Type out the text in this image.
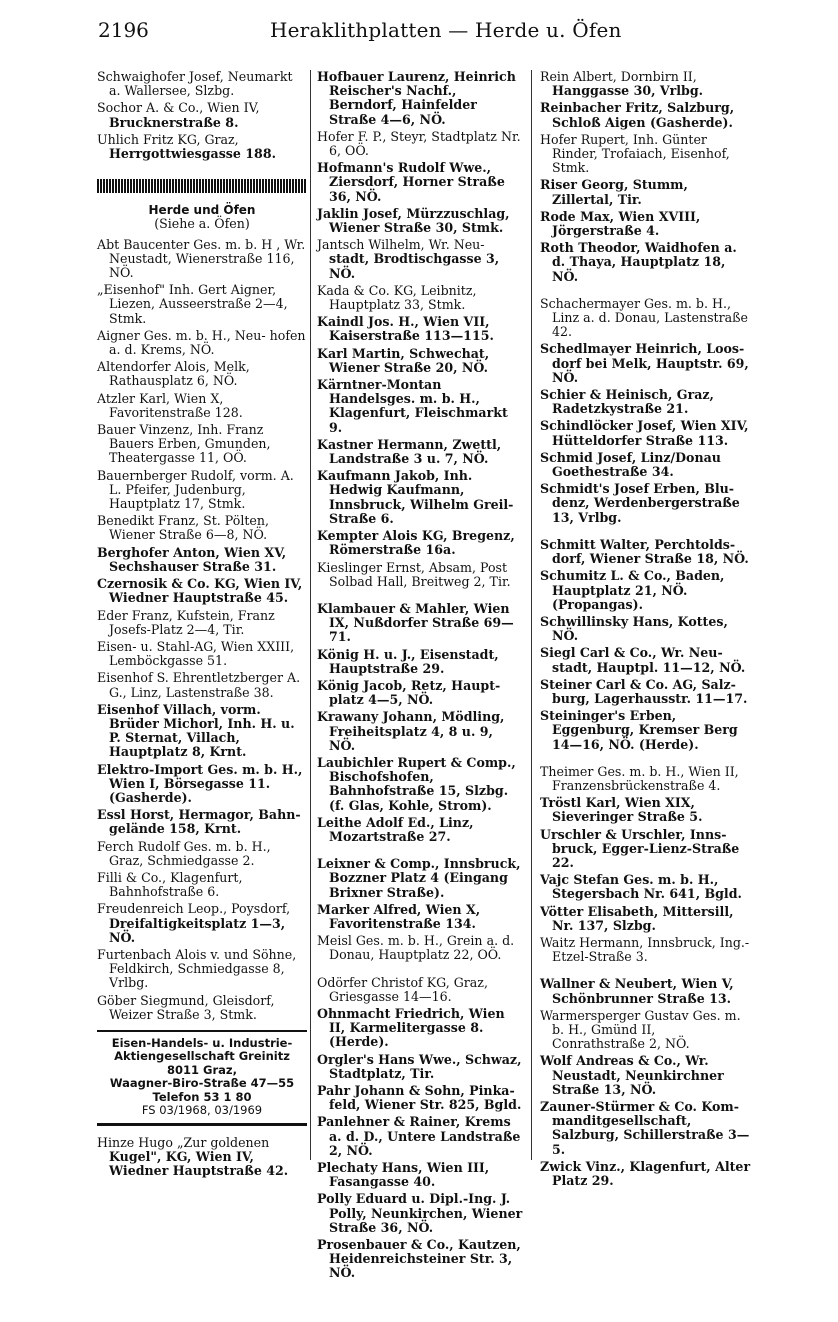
2196	Heraklithplatten — Herde u. Öfen
Schwaighofer Josef, Neumarkt a. Wallersee, Slzbg.
Sochor A. & Co., Wien IV, Brucknerstraße 8.
Uhlich Fritz KG, Graz, Herrgottwiesgasse 188.
Herde und Öfen
(Siehe a. Öfen)
Abt Baucenter Ges. m. b. H , Wr. Neustadt, Wienerstraße 116, NÖ.
„Eisenhof" Inh. Gert Aigner, Liezen, Ausseerstraße 2—4, Stmk.
Aigner Ges. m. b. H., Neu- hofen a. d. Krems, NÖ.
Altendorfer Alois, Melk, Rathausplatz 6, NÖ.
Atzler Karl, Wien X, Favoritenstraße 128.
Bauer Vinzenz, Inh. Franz Bauers Erben, Gmunden, Theatergasse 11, OÖ.
Bauernberger Rudolf, vorm. A. L. Pfeifer, Judenburg, Hauptplatz 17, Stmk.
Benedikt Franz, St. Pölten, Wiener Straße 6—8, NÖ.
Berghofer Anton, Wien XV, Sechshauser Straße 31.
Czernosik & Co. KG, Wien IV, Wiedner Hauptstraße 45.
Eder Franz, Kufstein, Franz Josefs-Platz 2—4, Tir.
Eisen- u. Stahl-AG, Wien XXIII, Lemböckgasse 51.
Eisenhof S. Ehrentletzberger A. G., Linz, Lastenstraße 38.
Eisenhof Villach, vorm. Brüder Michorl, Inh. H. u. P. Sternat, Villach, Hauptplatz 8, Krnt.
Elektro-Import Ges. m. b. H., Wien I, Börsegasse 11. (Gasherde).
Essl Horst, Hermagor, Bahn- geländе 158, Krnt.
Ferch Rudolf Ges. m. b. H., Graz, Schmiedgasse 2.
Filli & Co., Klagenfurt, Bahnhofstraße 6.
Freudenreich Leop., Poysdorf, Dreifaltigkeitsplatz 1—3, NÖ.
Furtenbach Alois v. und Söhne, Feldkirch, Schmiedgasse 8, Vrlbg.
Göber Siegmund, Gleisdorf, Weizer Straße 3, Stmk.
Eisen-Handels- u. Industrie-
Aktiengesellschaft Greinitz
8011 Graz,
Waagner-Biro-Straße 47—55
Telefon 53 1 80
FS 03/1968, 03/1969
Hinze Hugo „Zur goldenen Kugel", KG, Wien IV, Wiedner Hauptstraße 42.
Hofbauer Laurenz, Heinrich Reischer's Nachf., Berndorf, Hainfelder Straße 4—6, NÖ.
Hofer F. P., Steyr, Stadtplatz Nr. 6, OÖ.
Hofmann's Rudolf Wwe., Ziersdorf, Horner Straße 36, NÖ.
Jaklin Josef, Mürzzuschlag, Wiener Straße 30, Stmk.
Jantsch Wilhelm, Wr. Neu- stadt, Brodtischgasse 3, NÖ.
Kada & Co. KG, Leibnitz, Hauptplatz 33, Stmk.
Kaindl Jos. H., Wien VII, Kaiserstraße 113—115.
Karl Martin, Schwechat, Wiener Straße 20, NÖ.
Kärntner-Montan Handelsges. m. b. H., Klagenfurt, Fleischmarkt 9.
Kastner Hermann, Zwettl, Landstraße 3 u. 7, NÖ.
Kaufmann Jakob, Inh. Hedwig Kaufmann, Innsbruck, Wilhelm Greil-Straße 6.
Kempter Alois KG, Bregenz, Römerstraße 16a.
Kieslinger Ernst, Absam, Post Solbad Hall, Breitweg 2, Tir.
Klambauer & Mahler, Wien IX, Nußdorfer Straße 69—71.
König H. u. J., Eisenstadt, Hauptstraße 29.
König Jacob, Retz, Haupt- platz 4—5, NÖ.
Krawany Johann, Mödling, Freiheitsplatz 4, 8 u. 9, NÖ.
Laubichler Rupert & Comp., Bischofshofen, Bahnhofstraße 15, Slzbg. (f. Glas, Kohle, Strom).
Leithe Adolf Ed., Linz, Mozartstraße 27.
Leixner & Comp., Innsbruck, Bozzner Platz 4 (Eingang Brixner Straße).
Marker Alfred, Wien X, Favoritenstraße 134.
Meisl Ges. m. b. H., Grein a. d. Donau, Hauptplatz 22, OÖ.
Odörfer Christof KG, Graz, Griesgasse 14—16.
Ohnmacht Friedrich, Wien II, Karmelitergasse 8. (Herde).
Orgler's Hans Wwe., Schwaz, Stadtplatz, Tir.
Pahr Johann & Sohn, Pinka- feld, Wiener Str. 825, Bgld.
Panlehner & Rainer, Krems a. d. D., Untere Landstraße 2, NÖ.
Plechaty Hans, Wien III, Fasangasse 40.
Polly Eduard u. Dipl.-Ing. J. Polly, Neunkirchen, Wiener Straße 36, NÖ.
Prosenbauer & Co., Kautzen, Heidenreichsteiner Str. 3, NÖ.
Rein Albert, Dornbirn II, Hanggasse 30, Vrlbg.
Reinbacher Fritz, Salzburg, Schloß Aigen (Gasherde).
Hofer Rupert, Inh. Günter Rinder, Trofaiach, Eisenhof, Stmk.
Riser Georg, Stumm, Zillertal, Tir.
Rode Max, Wien XVIII, Jörgerstraße 4.
Roth Theodor, Waidhofen a. d. Thaya, Hauptplatz 18, NÖ.
Schachermayer Ges. m. b. H., Linz a. d. Donau, Lastenstraße 42.
Schedlmayer Heinrich, Loos- dorf bei Melk, Hauptstr. 69, NÖ.
Schier & Heinisch, Graz, Radetzkystraße 21.
Schindlöcker Josef, Wien XIV, Hütteldorfer Straße 113.
Schmid Josef, Linz/Donau Goethestraße 34.
Schmidt's Josef Erben, Blu- denz, Werdenbergerstraße 13, Vrlbg.
Schmitt Walter, Perchtolds- dorf, Wiener Straße 18, NÖ.
Schumitz L. & Co., Baden, Hauptplatz 21, NÖ. (Propangas).
Schwillinsky Hans, Kottes, NÖ.
Siegl Carl & Co., Wr. Neu- stadt, Hauptpl. 11—12, NÖ.
Steiner Carl & Co. AG, Salz- burg, Lagerhausstr. 11—17.
Steininger's Erben, Eggenburg, Kremser Berg 14—16, NÖ. (Herde).
Theimer Ges. m. b. H., Wien II, Franzensbrückenstraße 4.
Tröstl Karl, Wien XIX, Sieveringer Straße 5.
Urschler & Urschler, Inns- bruck, Egger-Lienz-Straße 22.
Vajc Stefan Ges. m. b. H., Stegersbach Nr. 641, Bgld.
Vötter Elisabeth, Mittersill, Nr. 137, Slzbg.
Waitz Hermann, Innsbruck, Ing.-Etzel-Straße 3.
Wallner & Neubert, Wien V, Schönbrunner Straße 13.
Warmersperger Gustav Ges. m. b. H., Gmünd II, Conrathstraße 2, NÖ.
Wolf Andreas & Co., Wr. Neustadt, Neunkirchner Straße 13, NÖ.
Zauner-Stürmer & Co. Kom- manditgesellschaft, Salzburg, Schillerstraße 3—5.
Zwick Vinz., Klagenfurt, Alter Platz 29.
